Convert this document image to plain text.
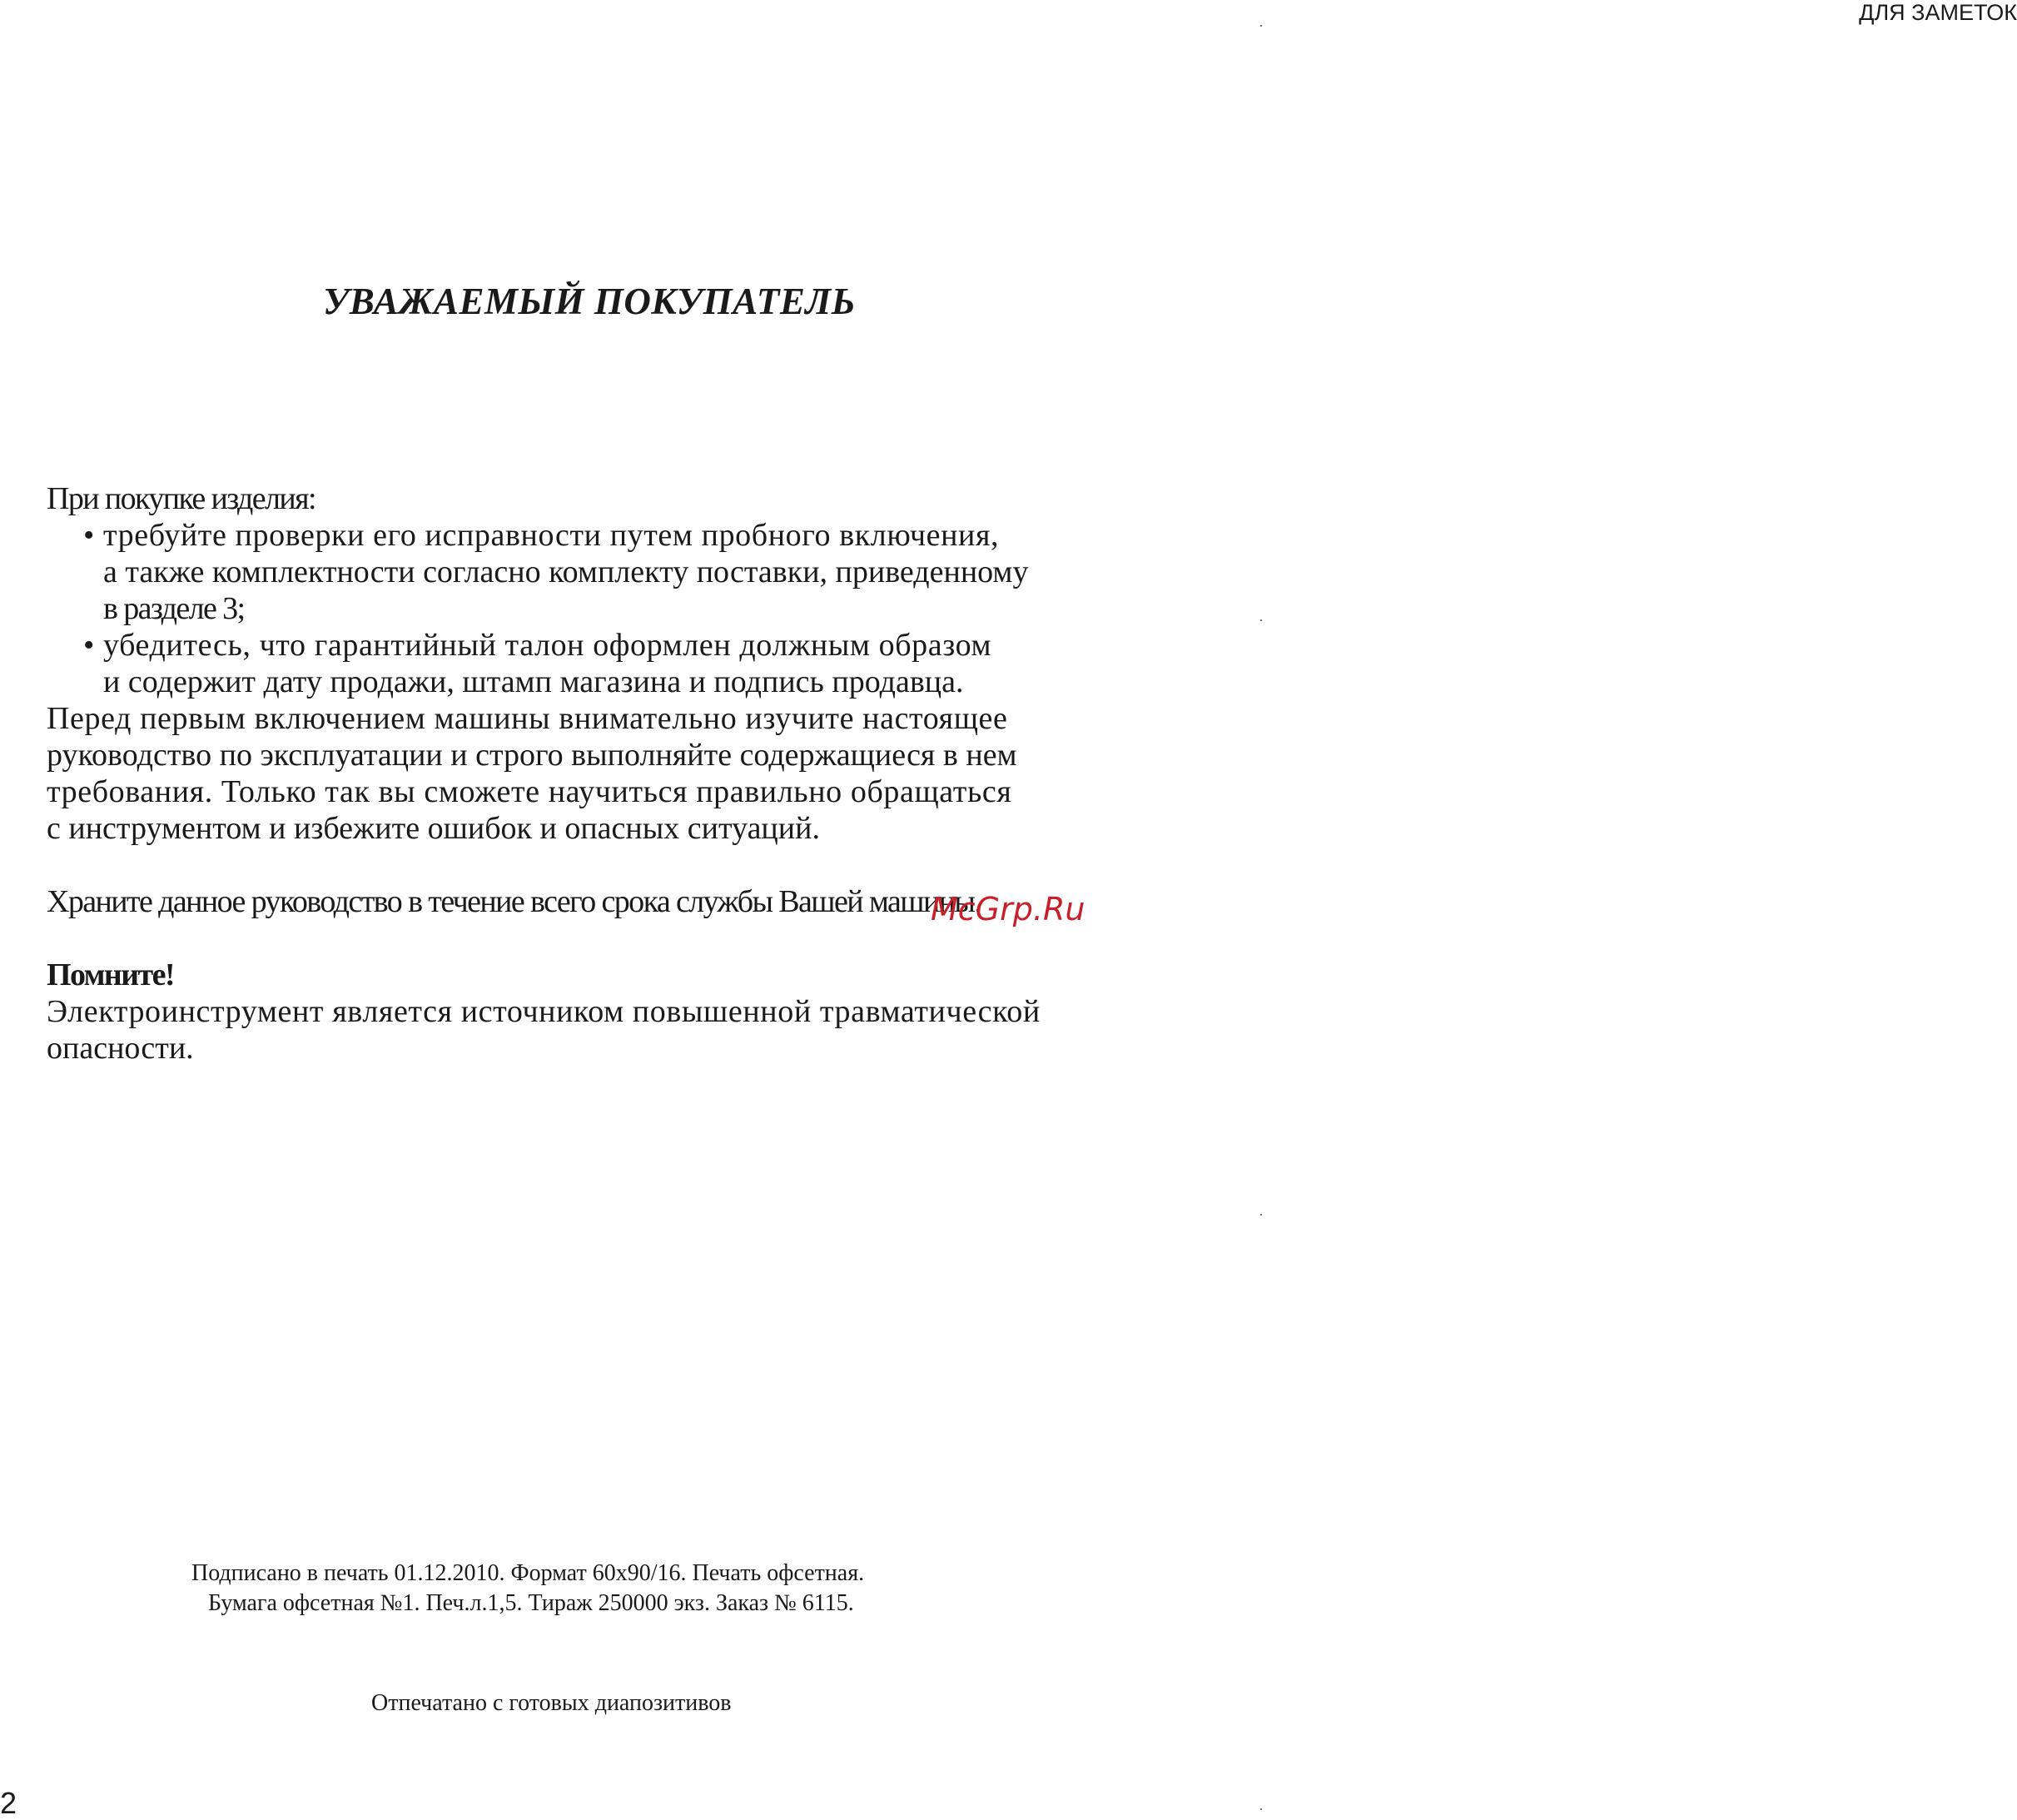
ДЛЯ ЗАМЕТОК
УВАЖАЕМЫЙ ПОКУПАТЕЛЬ
При покупке изделия:
• требуйте проверки его исправности путем пробного включения,
а также комплектности согласно комплекту поставки, приведенному
в разделе 3;
• убедитесь, что гарантийный талон оформлен должным образом
и содержит дату продажи, штамп магазина и подпись продавца.
Перед первым включением машины внимательно изучите настоящее
руководство по эксплуатации и строго выполняйте содержащиеся в нем
требования. Только так вы сможете научиться правильно обращаться
с инструментом и избежите ошибок и опасных ситуаций.
Храните данное руководство в течение всего срока службы Вашей машины.
McGrp.Ru
Помните!
Электроинструмент является источником повышенной травматической
опасности.
Подписано в печать 01.12.2010. Формат 60х90/16. Печать офсетная.
Бумага офсетная №1. Печ.л.1,5. Тираж 250000 экз. Заказ № 6115.
Отпечатано с готовых диапозитивов
2
